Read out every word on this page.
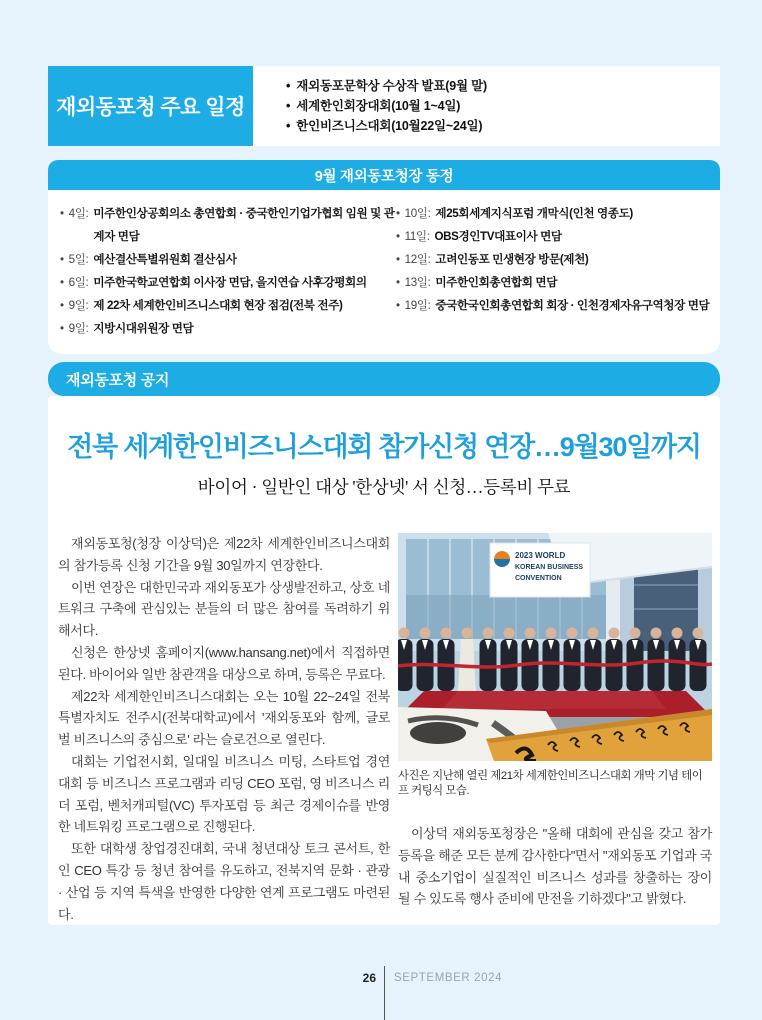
재외동포청 주요 일정
• 재외동포문학상 수상작 발표(9월 말)
• 세계한인회장대회(10월 1~4일)
• 한인비즈니스대회(10월22일~24일)
9월 재외동포청장 동정
• 4일: 미주한인상공회의소 총연합회 · 중국한인기업가협회 임원 및 관계자 면담
• 5일: 예산결산특별위원회 결산심사
• 6일: 미주한국학교연합회 이사장 면담, 을지연습 사후강평회의
• 9일: 제 22차 세계한인비즈니스대회 현장 점검(전북 전주)
• 9일: 지방시대위원장 면담
• 10일: 제25회세계지식포럼 개막식(인천 영종도)
• 11일: OBS경인TV대표이사 면담
• 12일: 고려인동포 민생현장 방문(제천)
• 13일: 미주한인회총연합회 면담
• 19일: 중국한국인회총연합회 회장 · 인천경제자유구역청장 면담
재외동포청 공지
전북 세계한인비즈니스대회 참가신청 연장…9월30일까지
바이어 · 일반인 대상 '한상넷' 서 신청…등록비 무료

재외동포청(청장 이상덕)은 제22차 세계한인비즈니스대회의 참가등록 신청 기간을 9월 30일까지 연장한다.

이번 연장은 대한민국과 재외동포가 상생발전하고, 상호 네트워크 구축에 관심있는 분들의 더 많은 참여를 독려하기 위해서다.

신청은 한상넷 홈페이지(www.hansang.net)에서 직접하면 된다. 바이어와 일반 참관객을 대상으로 하며, 등록은 무료다.

제22차 세계한인비즈니스대회는 오는 10월 22~24일 전북특별자치도 전주시(전북대학교)에서 '재외동포와 함께, 글로벌 비즈니스의 중심으로' 라는 슬로건으로 열린다.

대회는 기업전시회, 일대일 비즈니스 미팅, 스타트업 경연대회 등 비즈니스 프로그램과 리딩 CEO 포럼, 영 비즈니스 리더 포럼, 벤처캐피털(VC) 투자포럼 등 최근 경제이슈를 반영한 네트워킹 프로그램으로 진행된다.

또한 대학생 창업경진대회, 국내 청년대상 토크 콘서트, 한인 CEO 특강 등 청년 참여를 유도하고, 전북지역 문화 · 관광 · 산업 등 지역 특색을 반영한 다양한 연계 프로그램도 마련된다.

2023 WORLD
KOREAN BUSINESS
CONVENTION
사진은 지난해 열린 제21차 세계한인비즈니스대회 개막 기념 테이프 커팅식 모습.

이상덕 재외동포청장은 "올해 대회에 관심을 갖고 참가 등록을 해준 모든 분께 감사한다"면서 "재외동포 기업과 국내 중소기업이 실질적인 비즈니스 성과를 창출하는 장이 될 수 있도록 행사 준비에 만전을 기하겠다"고 밝혔다.

26 SEPTEMBER 2024
